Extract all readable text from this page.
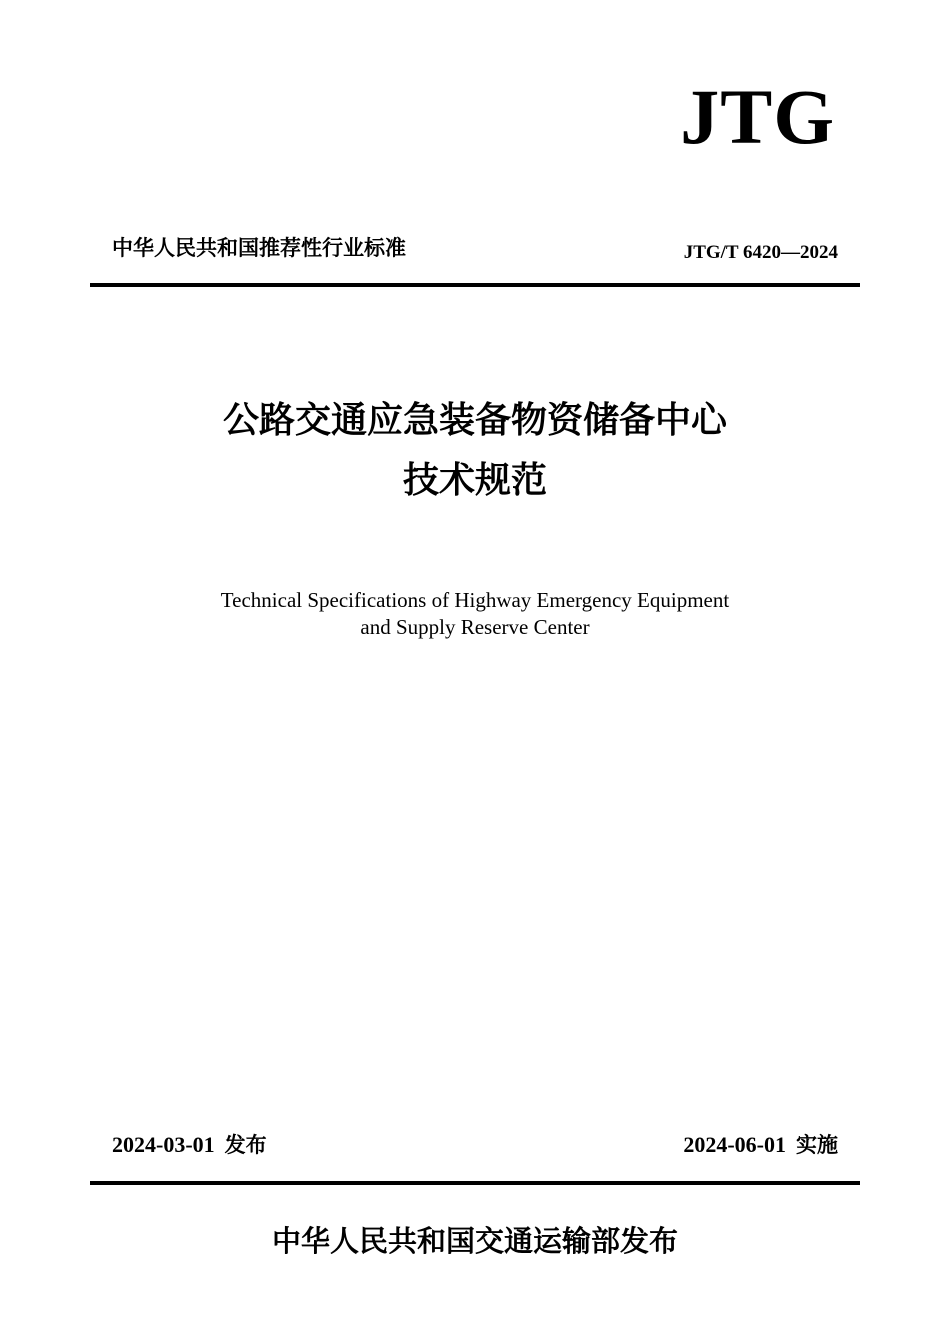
JTG
中华人民共和国推荐性行业标准	JTG/T 6420—2024
公路交通应急装备物资储备中心
技术规范
Technical Specifications of Highway Emergency Equipment
and Supply Reserve Center
2024-03-01 发布	2024-06-01 实施
中华人民共和国交通运输部发布
